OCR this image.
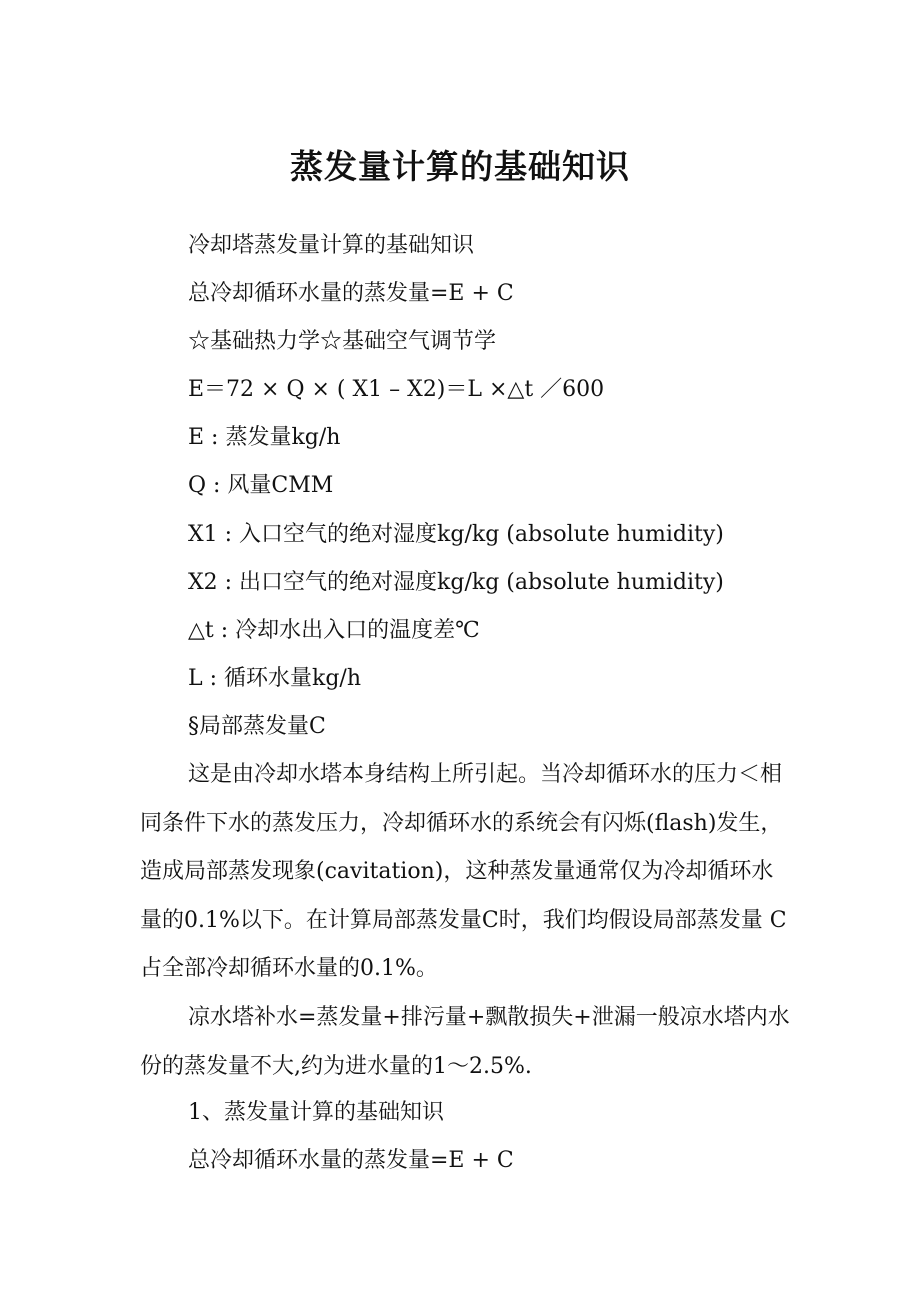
蒸发量计算的基础知识
冷却塔蒸发量计算的基础知识
总冷却循环水量的蒸发量=E + C
☆基础热力学☆基础空气调节学
E＝72 × Q × ( X1 – X2)＝L ×△t ／600
E : 蒸发量kg/h
Q : 风量CMM
X1 : 入口空气的绝对湿度kg/kg (absolute humidity)
X2 : 出口空气的绝对湿度kg/kg (absolute humidity)
△t : 冷却水出入口的温度差℃
L : 循环水量kg/h
§局部蒸发量C
这是由冷却水塔本身结构上所引起。当冷却循环水的压力＜相同条件下水的蒸发压力，冷却循环水的系统会有闪烁(flash)发生，造成局部蒸发现象(cavitation)，这种蒸发量通常仅为冷却循环水量的0.1%以下。在计算局部蒸发量C时，我们均假设局部蒸发量 C 占全部冷却循环水量的0.1%。
凉水塔补水=蒸发量+排污量+飘散损失+泄漏一般凉水塔内水份的蒸发量不大,约为进水量的1～2.5%.
1、蒸发量计算的基础知识
总冷却循环水量的蒸发量=E + C
